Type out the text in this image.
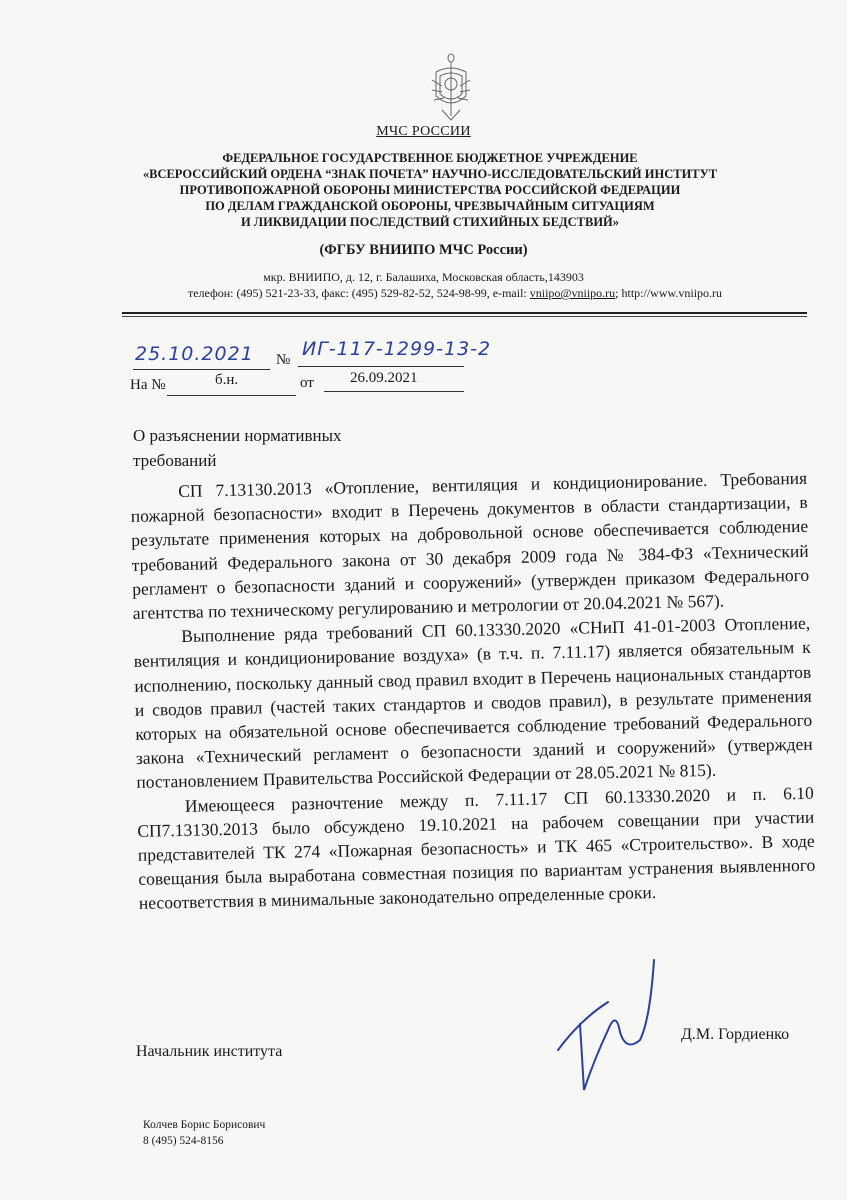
МЧС РОССИИ
ФЕДЕРАЛЬНОЕ ГОСУДАРСТВЕННОЕ БЮДЖЕТНОЕ УЧРЕЖДЕНИЕ
«ВСЕРОССИЙСКИЙ ОРДЕНА “ЗНАК ПОЧЕТА” НАУЧНО-ИССЛЕДОВАТЕЛЬСКИЙ ИНСТИТУТ
ПРОТИВОПОЖАРНОЙ ОБОРОНЫ МИНИСТЕРСТВА РОССИЙСКОЙ ФЕДЕРАЦИИ
ПО ДЕЛАМ ГРАЖДАНСКОЙ ОБОРОНЫ, ЧРЕЗВЫЧАЙНЫМ СИТУАЦИЯМ
И ЛИКВИДАЦИИ ПОСЛЕДСТВИЙ СТИХИЙНЫХ БЕДСТВИЙ»
(ФГБУ ВНИИПО МЧС России)
мкр. ВНИИПО, д. 12, г. Балашиха, Московская область,143903
телефон: (495) 521-23-33, факс: (495) 529-82-52, 524-98-99, e-mail: vniipo@vniipo.ru; http://www.vniipo.ru
25.10.2021 № ИГ-117-1299-13-2
На №	б.н.	от 26.09.2021
О разъяснении нормативных
требований

СП 7.13130.2013 «Отопление, вентиляция и кондиционирование. Требования пожарной безопасности» входит в Перечень документов в области стандартизации, в результате применения которых на добровольной основе обеспечивается соблюдение требований Федерального закона от 30 декабря 2009 года № 384-ФЗ «Технический регламент о безопасности зданий и сооружений» (утвержден приказом Федерального агентства по техническому регулированию и метрологии от 20.04.2021 № 567).

Выполнение ряда требований СП 60.13330.2020 «СНиП 41-01-2003 Отопление, вентиляция и кондиционирование воздуха» (в т.ч. п. 7.11.17) является обязательным к исполнению, поскольку данный свод правил входит в Перечень национальных стандартов и сводов правил (частей таких стандартов и сводов правил), в результате применения которых на обязательной основе обеспечивается соблюдение требований Федерального закона «Технический регламент о безопасности зданий и сооружений» (утвержден постановлением Правительства Российской Федерации от 28.05.2021 № 815).

Имеющееся разночтение между п. 7.11.17 СП 60.13330.2020 и п. 6.10 СП7.13130.2013 было обсуждено 19.10.2021 на рабочем совещании при участии представителей ТК 274 «Пожарная безопасность» и ТК 465 «Строительство». В ходе совещания была выработана совместная позиция по вариантам устранения выявленного несоответствия в минимальные законодательно определенные сроки.

Начальник института
Д.М. Гордиенко
Колчев Борис Борисович
8 (495) 524-8156
